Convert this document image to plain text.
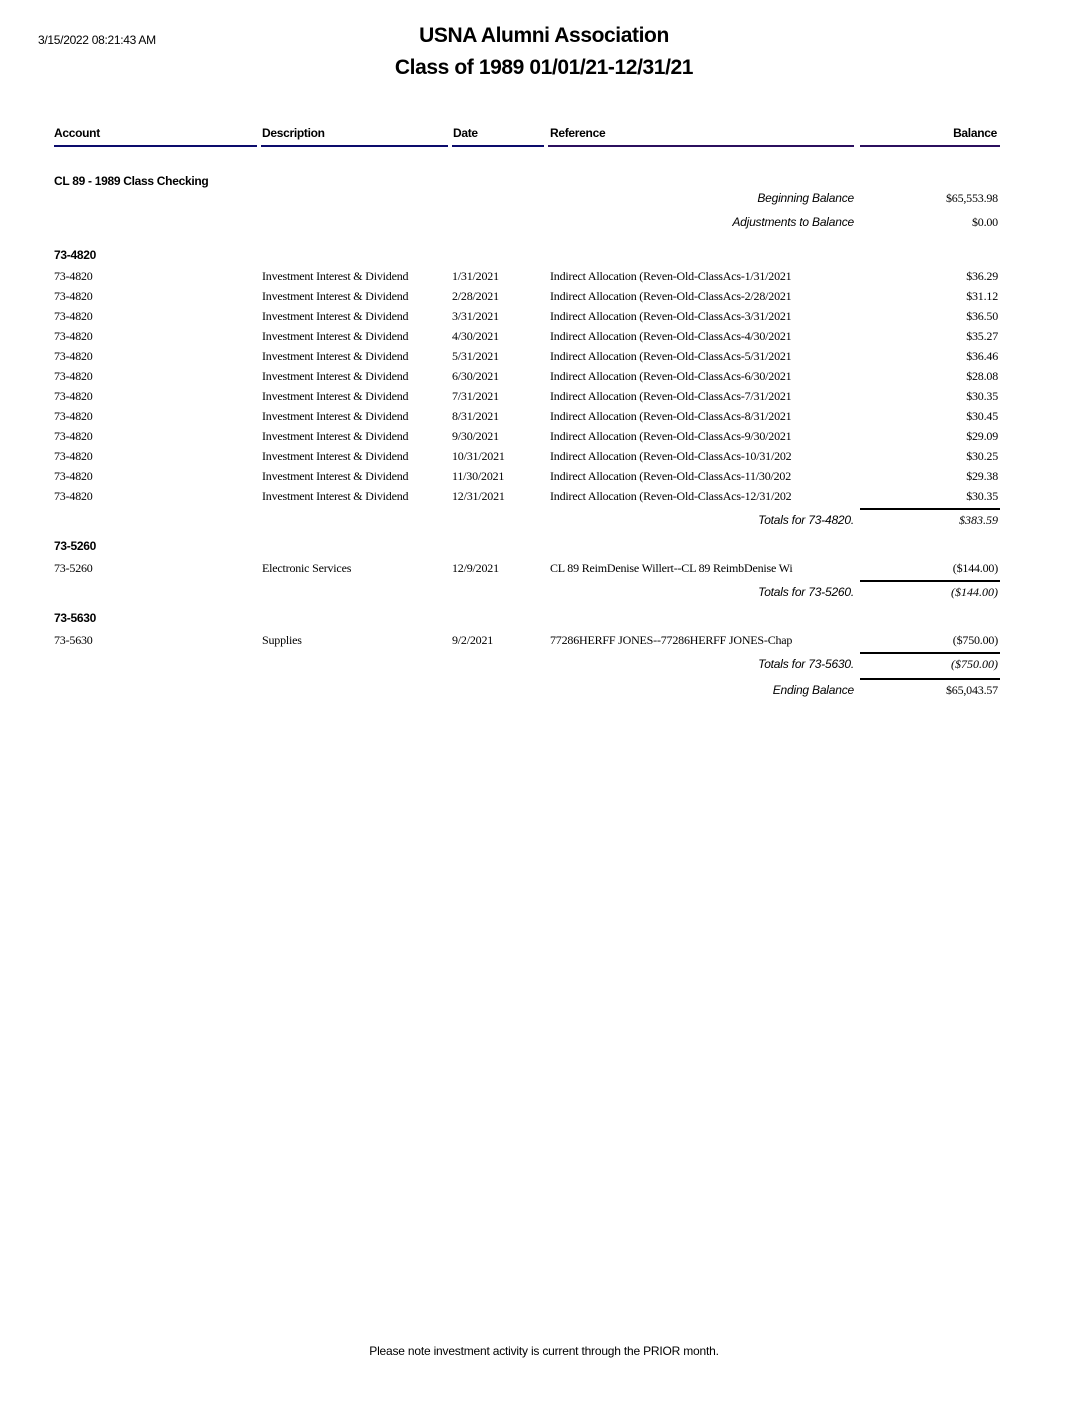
3/15/2022 08:21:43 AM	USNA Alumni Association
Class of 1989 01/01/21-12/31/21
Account	Description	Date	Reference	Balance
CL 89 - 1989 Class Checking
Beginning Balance	$65,553.98
Adjustments to Balance	$0.00
73-4820
73-4820	Investment Interest & Dividend	1/31/2021	Indirect Allocation (Reven-Old-ClassAcs-1/31/2021	$36.29
73-4820	Investment Interest & Dividend	2/28/2021	Indirect Allocation (Reven-Old-ClassAcs-2/28/2021	$31.12
73-4820	Investment Interest & Dividend	3/31/2021	Indirect Allocation (Reven-Old-ClassAcs-3/31/2021	$36.50
73-4820	Investment Interest & Dividend	4/30/2021	Indirect Allocation (Reven-Old-ClassAcs-4/30/2021	$35.27
73-4820	Investment Interest & Dividend	5/31/2021	Indirect Allocation (Reven-Old-ClassAcs-5/31/2021	$36.46
73-4820	Investment Interest & Dividend	6/30/2021	Indirect Allocation (Reven-Old-ClassAcs-6/30/2021	$28.08
73-4820	Investment Interest & Dividend	7/31/2021	Indirect Allocation (Reven-Old-ClassAcs-7/31/2021	$30.35
73-4820	Investment Interest & Dividend	8/31/2021	Indirect Allocation (Reven-Old-ClassAcs-8/31/2021	$30.45
73-4820	Investment Interest & Dividend	9/30/2021	Indirect Allocation (Reven-Old-ClassAcs-9/30/2021	$29.09
73-4820	Investment Interest & Dividend	10/31/2021	Indirect Allocation (Reven-Old-ClassAcs-10/31/202	$30.25
73-4820	Investment Interest & Dividend	11/30/2021	Indirect Allocation (Reven-Old-ClassAcs-11/30/202	$29.38
73-4820	Investment Interest & Dividend	12/31/2021	Indirect Allocation (Reven-Old-ClassAcs-12/31/202	$30.35
Totals for 73-4820.	$383.59
73-5260
73-5260	Electronic Services	12/9/2021	CL 89 ReimDenise Willert--CL 89 ReimbDenise Wi	($144.00)
Totals for 73-5260.	($144.00)
73-5630
73-5630	Supplies	9/2/2021	77286HERFF JONES--77286HERFF JONES-Chap	($750.00)
Totals for 73-5630.	($750.00)
Ending Balance	$65,043.57
Please note investment activity is current through the PRIOR month.
